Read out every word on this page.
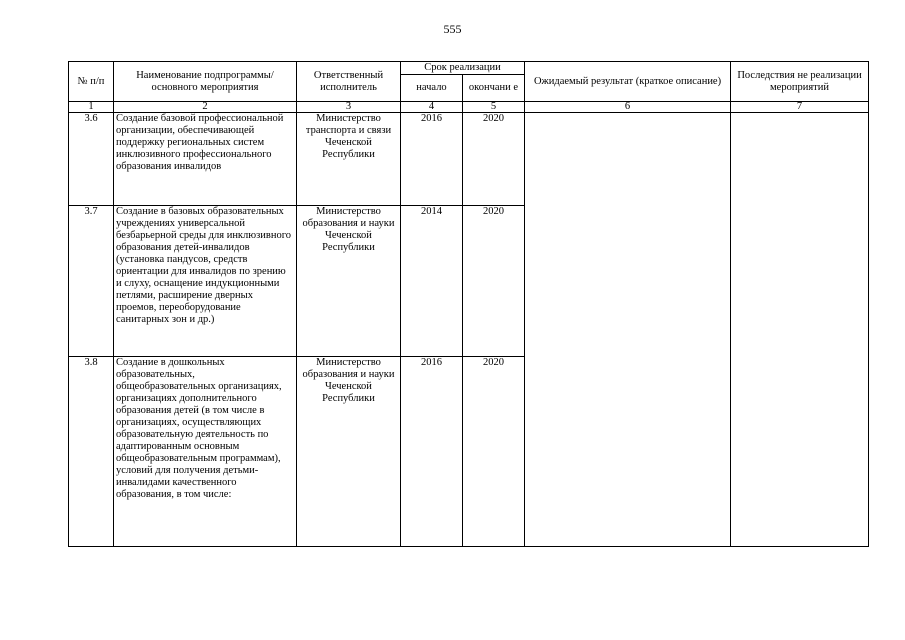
555
№ п/п	Наименование подпрограммы/ основного мероприятия	Ответственный исполнитель	Срок реализации		Ожидаемый результат (краткое описание)	Последствия не реализации мероприятий
			начало	окончани е		
1	2	3	4	5	6	7
3.6	Создание базовой профессиональной организации, обеспечивающей поддержку региональных систем инклюзивного профессионального образования инвалидов	Министерство транспорта и связи Чеченской Республики	2016	2020		
3.7	Создание в базовых образовательных учреждениях универсальной безбарьерной среды для инклюзивного образования детей-инвалидов (установка пандусов, средств ориентации для инвалидов по зрению и слуху, оснащение индукционными петлями, расширение дверных проемов, переоборудование санитарных зон и др.)	Министерство образования и науки Чеченской Республики	2014	2020		
3.8	Создание в дошкольных образовательных, общеобразовательных организациях, организациях дополнительного образования детей (в том числе в организациях, осуществляющих образовательную деятельность по адаптированным основным общеобразовательным программам), условий для получения детьми-инвалидами качественного образования, в том числе:	Министерство образования и науки Чеченской Республики	2016	2020		
